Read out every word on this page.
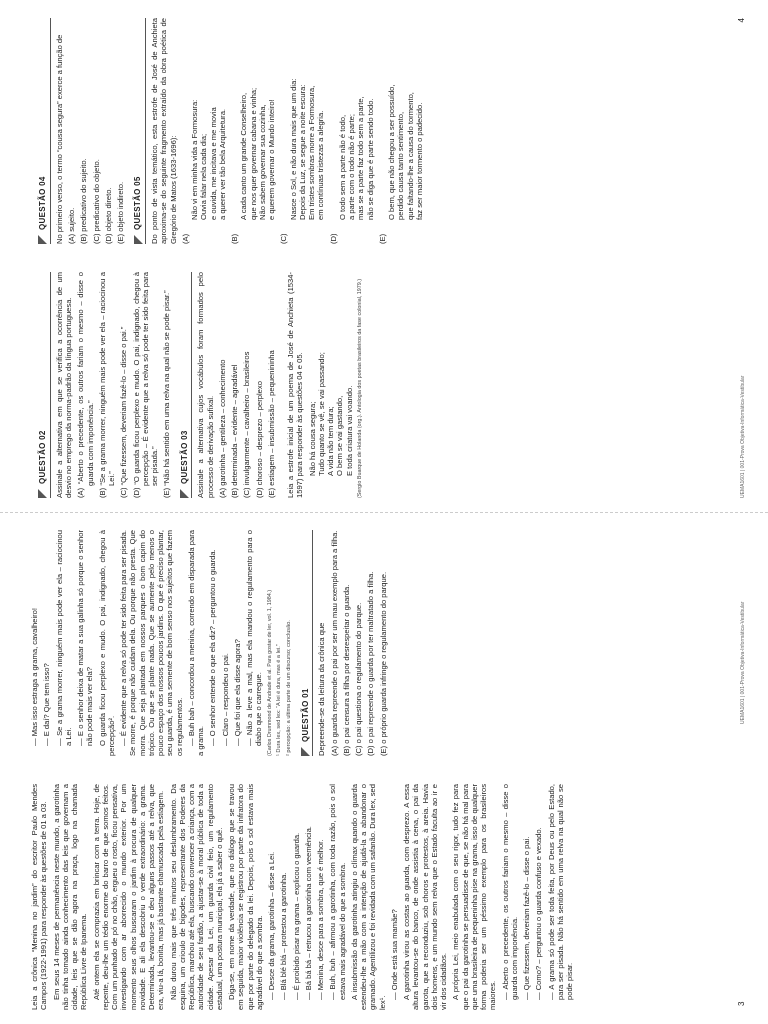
Leia a crônica “Menina no jardim” do escritor Paulo Mendes Campos (1922-1991) para responder às questões de 01 a 03. Em seus 14 meses de permanência neste mundo, a garotinha não tinha tomado ainda conhecimento das leis que governam a cidade, leis que se dão agora na praça, logo na chamada República Livre de Ipanema. Até ontem ela se comprazia em brincar com a terra. Hoje, de repente, deu-lhe um tédio enorme do barro de que somos feitos. Com um punhado de pó no chão, ergueu o rosto, ficou pensativa, investigando com ar aborrecido o mundo exterior. Por um momento seus olhos buscaram o jardim à procura de qualquer novidade. E ali ela descobriu o verde extraordinário: a grama. Determinada, levantou-se e deu alguns passos até a relva, que era, viu-a lá, bonita, mas já bastante chamuscada pela estiagem. Não durou mais que três minutos seu deslumbramento. Da esquina, um crioulo de bigodes, representante dos Poderes da República, marchou até ela, buscando convencer a criança, com a autoridade de seu fardão, a ajustar-se à moral pública de toda a cidade. Apesar da Lei, um guarda civil feio, um regulamento estadual, uma postura municipal, ela já a saber o quê. Diga-se, em nome da verdade, que no diálogo que se travou em seguida, maior violência se registrou por parte da infratora do que por parte do delegado da lei. Depois, pois o sol estava mais agradável do que a sombra. — Desce da grama, garotinha – disse a Lei. — Blá blé blá – protestou a garotinha. — É proibido pisar na grama – explicou o guarda. — Bá bá bá – retrucou a garotinha com veemência. — Menina, desce para a sombra, que é melhor. — Buh, buh – afirmou a garotinha, com toda razão, pois o sol estava mais agradável do que a sombra. A insubmissão da garotinha atingiu o clímax quando o guarda estendeu-lhe a mão com a intenção de ajudá-la a abandonar o gramado. Agentilizou e foi revidada com um safanão. Dura lex, sed lex¹.

— Onde está sua mamãe? A garotinha virou as costas ao guarda, com desprezo. A essa altura levantou-se do banco, de onde assistia à cena, o pai da garota, que a reconduziu, sob choros e protestos, à areia. Havia dois homens, e um mundo sem relva que o Estado faculta ao ir e vir dos cidadãos. A própria Lei, meio enabulada com o seu rigor, tudo fez para que o pai da garotinha se persuadisse de que, se não há mal para que uma brasileira de pequeninha pise na grama, isso de qualquer forma poderia ser um péssimo exemplo para os brasileiros maiores. — Aberto o precedente, os outros fariam o mesmo – disse o guarda com imponência. — Que fizessem, deveriam fazê-lo – disse o pai. — Como? – perguntou o guarda confuso e vexado. — A grama só pode ser toda feita, por Deus ou pelo Estado, para ser pisada. Não há sentido em uma relva na qual não se pode pisar.

— Mas isso estraga a grama, cavalheiro! — E daí? Que tem isso? — Se a grama morrer, ninguém mais pode ver ela – raciocinou a Lei. — E o senhor deixa de matar a sua galinha só porque o senhor não pode mais ver ela? O guarda ficou perplexo e mudo. O pai, indignado, chegou à percepção². — É evidente que a relva só pode ter sido feita para ser pisada. Se morre, é porque não cuidam dela. Ou porque não presta. Que morra. Que seja plantada em nossos parques o bom capim do trópico. Ou que se plante nada. Que se aumente pelo menos o pouco espaço dos nossos poucos jardins. O que é preciso plantar, seu guarda, é uma semente de bom senso nos sujeitos que fazem os regulamentos. — Buh bah – concordou a menina, correndo em disparada para a grama. — O senhor entende o que ela diz? – perguntou o guarda. — Claro – respondeu o pai. — Que foi que ela disse agora? — Não a leve a mal, mas ela mandou o regulamento para o diabo que o carregue. (Carlos Drummond de Andrade et al. Para gostar de ler, vol. 1, 1984.) ¹ Dura lex, sed lex: “A lei é dura, mas é a lei.” ² percepção: a ultima parte de um discurso; conclusão. QUESTÃO 01 Depreende-se da leitura da crônica que (A) o guarda repreende o pai por ser um mau exemplo para a filha. (B) o pai censura a filha por desrespeitar o guarda. (C) o pai questiona o regulamento do parque. (D) o pai repreende o guarda por ter maltratado a filha. (E) o próprio guarda infringe o regulamento do parque.

3
UEMA1601 | 001-Prova Objetiva-Informática-Vestibular
QUESTÃO 02 Assinale a alternativa em que se verifica a ocorrência de um desvio no emprego da norma-padrão da língua portuguesa. (A) “Aberto o precedente, os outros fariam o mesmo – disse o guarda com imponência.” (B) “Se a grama morrer, ninguém mais pode ver ela – raciocinou a Lei.” (C) “Que fizessem, deveriam fazê-lo – disse o pai.” (D) “O guarda ficou perplexo e mudo. O pai, indignado, chegou à percepção – É evidente que a relva só pode ter sido feita para ser pisada.” (E) “Não há sentido em uma relva na qual não se pode pisar.” QUESTÃO 03 Assinale a alternativa cujos vocábulos foram formados pelo processo de derivação sufixal. (A) garotinha – gentileza – conhecimento (B) determinada – evidente – agradável (C) invulgarmente – cavalheiro – brasileiros (D) choroso – desprezo – perplexo (E) estiagem – insubmissão – pequenininha Leia a estrofe inicial de um poema de José de Anchieta (1534-1597) para responder às questões 04 e 05. Não há cousa segura; Tudo quanto se vê, se vai passando; A vida não tem dura; O bem se vai gastando, E toda criatura vai voando. (Sergio Buarque de Holanda (org.). Antologia dos poetas brasileiros da fase colonial, 1979.)

QUESTÃO 04 No primeiro verso, o termo “cousa segura” exerce a função de (A) sujeito. (B) predicativo do sujeito. (C) predicativo do objeto. (D) objeto direto. (E) objeto indireto. QUESTÃO 05 Do ponto de vista temático, esta estrofe de José de Anchieta aproxima-se do seguinte fragmento extraído da obra poética de Gregório de Matos (1633-1696): (A)
Não vi em minha vida a Formosura: Ouvia falar nela cada dia; e ouvida, me incitava e me movia a querer ver tão bela Arquitetura.
(B)
A cada canto um grande Conselheiro, que nos quer governar cabana e vinha; Não sabem governar sua cozinha, e querem governar o Mundo inteiro!
(C)
Nasce o Sol, e não dura mais que um dia: Depois da Luz, se segue a noite escura: Em tristes sombras morre a Formosura, em contínuas tristezas a alegria.
(D)
O todo sem a parte não é todo, a parte com o todo não é parte; mas se a parte faz todo sem a parte, não se diga que é parte sendo todo.
(E)
O bem, que não chegou a ser possuído, perdido causa tanto sentimento, que faltando-lhe a causa do tormento, faz ser maior tormento o padecido.
4
UEMA1601 | 001-Prova Objetiva-Informática-Vestibular
